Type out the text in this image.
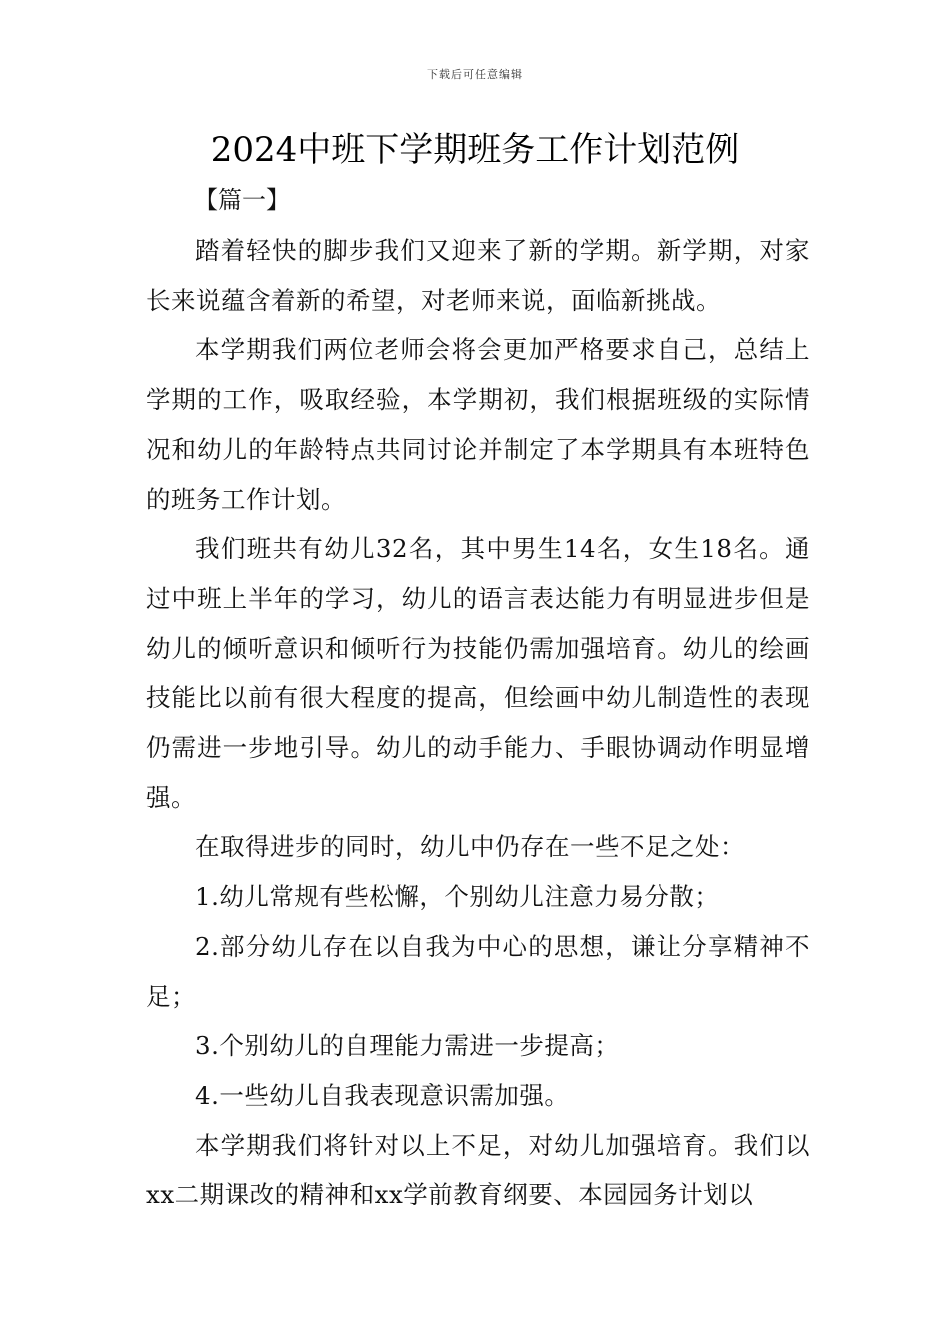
下载后可任意编辑
2024中班下学期班务工作计划范例
【篇一】

踏着轻快的脚步我们又迎来了新的学期。新学期，对家长来说蕴含着新的希望，对老师来说，面临新挑战。

本学期我们两位老师会将会更加严格要求自己，总结上学期的工作，吸取经验，本学期初，我们根据班级的实际情况和幼儿的年龄特点共同讨论并制定了本学期具有本班特色的班务工作计划。

我们班共有幼儿32名，其中男生14名，女生18名。通过中班上半年的学习，幼儿的语言表达能力有明显进步但是幼儿的倾听意识和倾听行为技能仍需加强培育。幼儿的绘画技能比以前有很大程度的提高，但绘画中幼儿制造性的表现仍需进一步地引导。幼儿的动手能力、手眼协调动作明显增强。

在取得进步的同时，幼儿中仍存在一些不足之处：

1.幼儿常规有些松懈，个别幼儿注意力易分散；

2.部分幼儿存在以自我为中心的思想，谦让分享精神不足；

3.个别幼儿的自理能力需进一步提高；

4.一些幼儿自我表现意识需加强。

本学期我们将针对以上不足，对幼儿加强培育。我们以xx二期课改的精神和xx学前教育纲要、本园园务计划以
